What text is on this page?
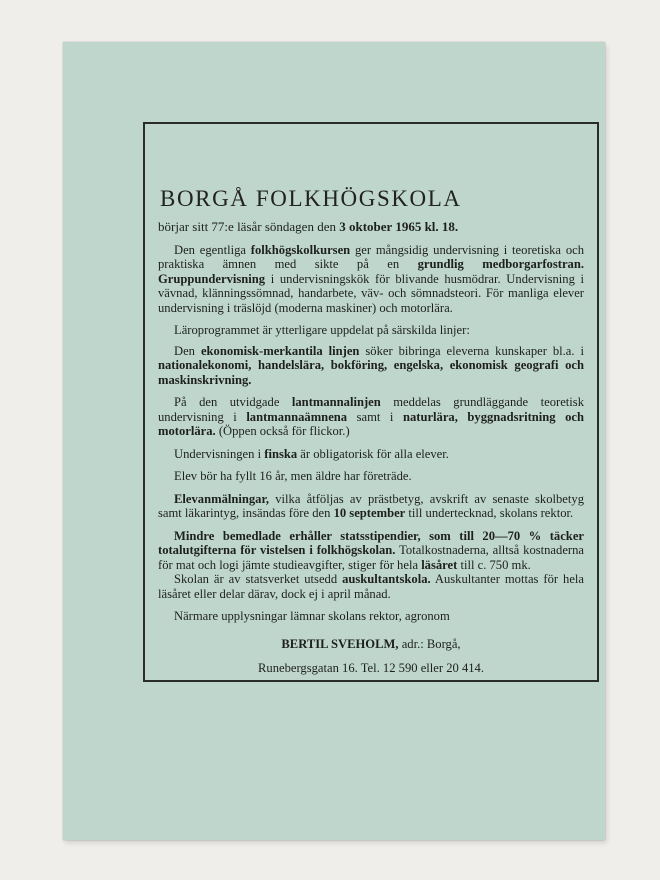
BORGÅ FOLKHÖGSKOLA

börjar sitt 77:e läsår söndagen den 3 oktober 1965 kl. 18.

Den egentliga folkhögskolkursen ger mångsidig undervisning i teoretiska och praktiska ämnen med sikte på en grundlig medborgarfostran. Gruppundervisning i undervisningskök för blivande husmödrar. Undervisning i vävnad, klänningssömnad, handarbete, väv- och sömnadsteori. För manliga elever undervisning i träslöjd (moderna maskiner) och motorlära.

Läroprogrammet är ytterligare uppdelat på särskilda linjer:

Den ekonomisk-merkantila linjen söker bibringa eleverna kunskaper bl.a. i nationalekonomi, handelslära, bokföring, engelska, ekonomisk geografi och maskinskrivning.

På den utvidgade lantmannalinjen meddelas grundläggande teoretisk undervisning i lantmannaämnena samt i naturlära, byggnadsritning och motorlära. (Öppen också för flickor.)

Undervisningen i finska är obligatorisk för alla elever.

Elev bör ha fyllt 16 år, men äldre har företräde.

Elevanmälningar, vilka åtföljas av prästbetyg, avskrift av senaste skolbetyg samt läkarintyg, insändas före den 10 september till undertecknad, skolans rektor.

Mindre bemedlade erhåller statsstipendier, som till 20—70 % täcker totalutgifterna för vistelsen i folkhögskolan. Totalkostnaderna, alltså kostnaderna för mat och logi jämte studieavgifter, stiger för hela läsåret till c. 750 mk.

Skolan är av statsverket utsedd auskultantskola. Auskultanter mottas för hela läsåret eller delar därav, dock ej i april månad.

Närmare upplysningar lämnar skolans rektor, agronom

BERTIL SVEHOLM, adr.: Borgå,

Runebergsgatan 16. Tel. 12 590 eller 20 414.
